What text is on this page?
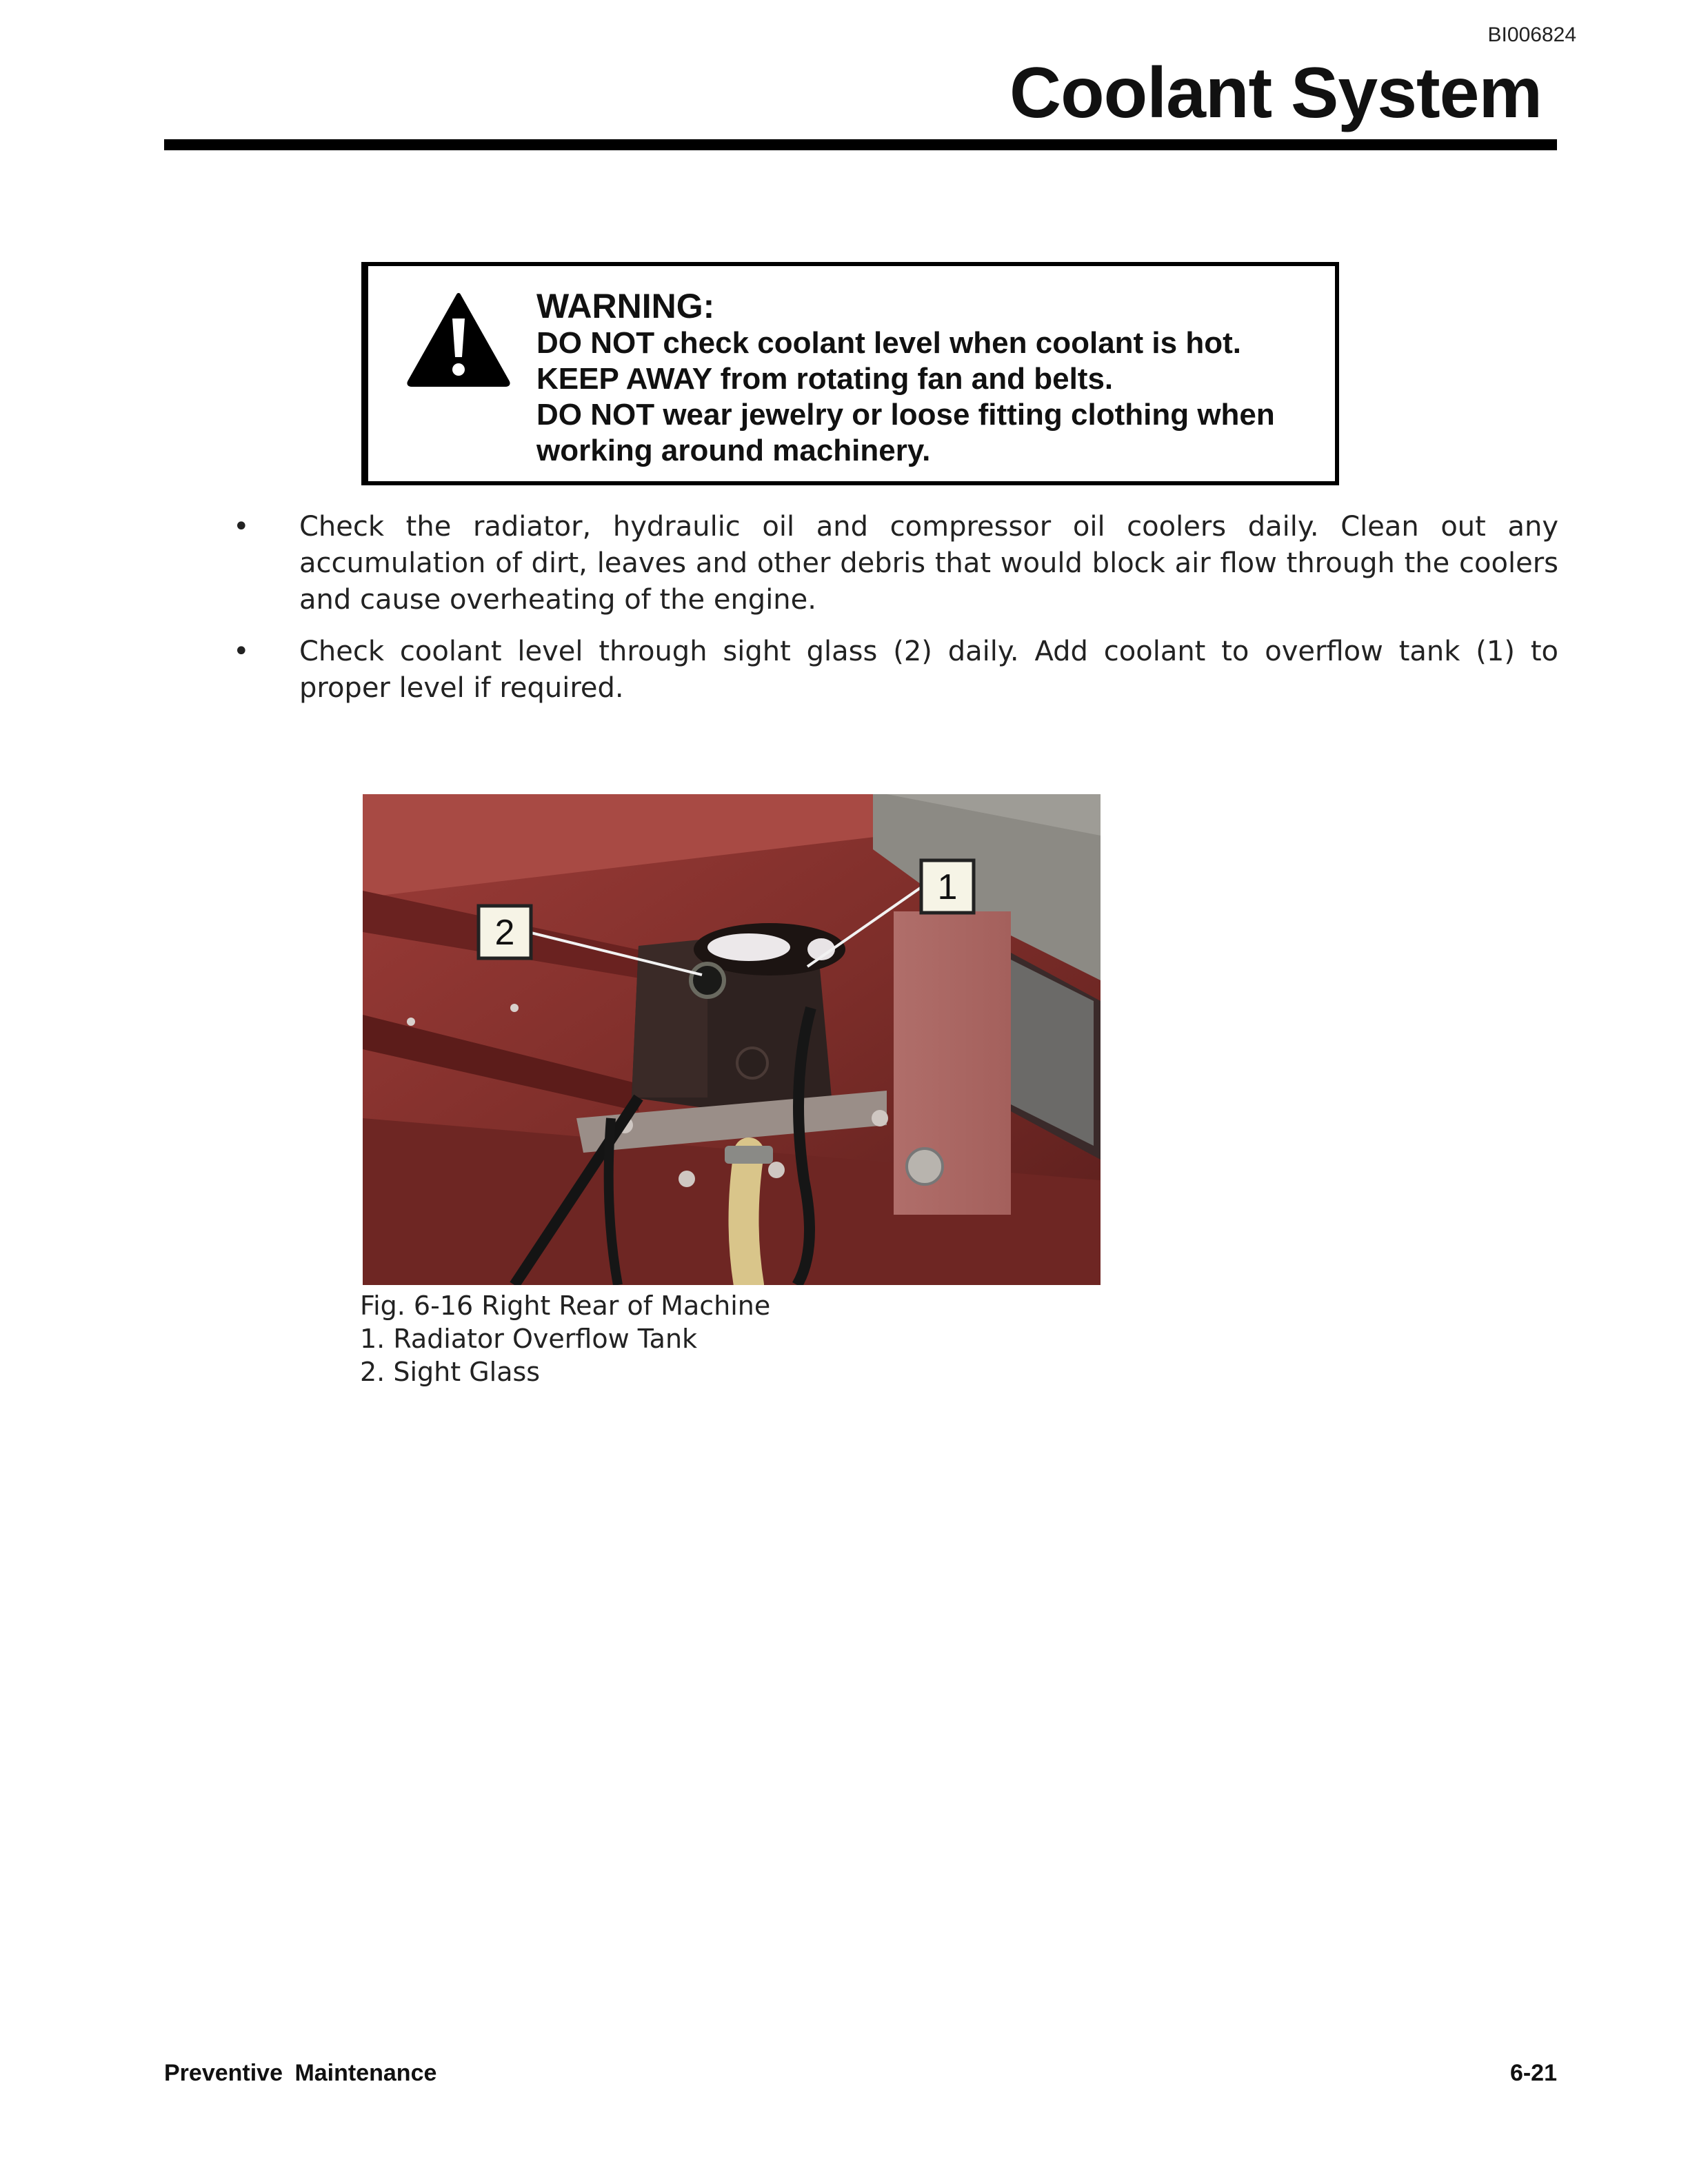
BI006824
Coolant System
WARNING:
DO NOT check coolant level when coolant is hot.
KEEP AWAY from rotating fan and belts.
DO NOT wear jewelry or loose fitting clothing when
working around machinery.
• Check the radiator, hydraulic oil and compressor oil coolers daily. Clean out any accumulation of dirt, leaves and other debris that would block air flow through the coolers and cause overheating of the engine.
• Check coolant level through sight glass (2) daily. Add coolant to overflow tank (1) to proper level if required.
1
2
Fig. 6-16 Right Rear of Machine
1. Radiator Overflow Tank
2. Sight Glass
Preventive Maintenance	6-21
